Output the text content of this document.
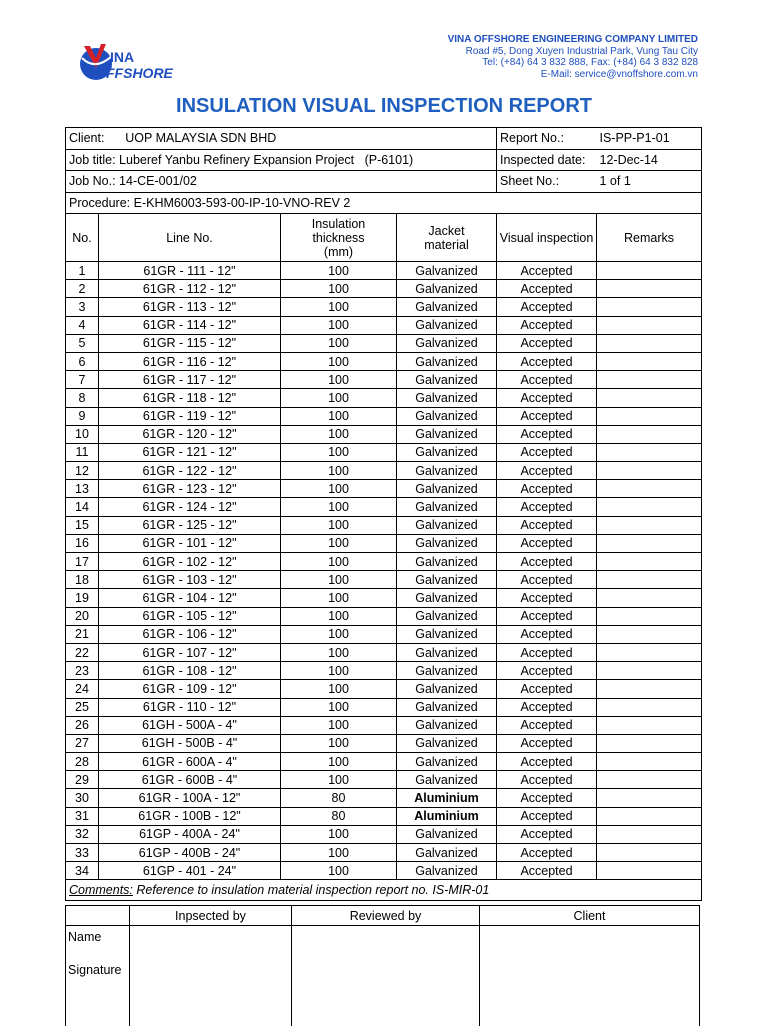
INA
FFSHORE
VINA OFFSHORE ENGINEERING COMPANY LIMITED
Road #5, Dong Xuyen Industrial Park, Vung Tau City
Tel: (+84) 64 3 832 888, Fax: (+84) 64 3 832 828
E-Mail: service@vnoffshore.com.vn
INSULATION VISUAL INSPECTION REPORT
Client: UOP MALAYSIA SDN BHD				Report No.:	IS-PP-P1-01
Job title: Luberef Yanbu Refinery Expansion Project   (P-6101)				Inspected date:	12-Dec-14
Job No.: 14-CE-001/02				Sheet No.:	1 of 1
Procedure: E-KHM6003-593-00-IP-10-VNO-REV 2					
No.	Line No.	Insulation thickness (mm)	Jacket material	Visual inspection	Remarks
1	61GR - 111 - 12"	100	Galvanized	Accepted	
2	61GR - 112 - 12"	100	Galvanized	Accepted	
3	61GR - 113 - 12"	100	Galvanized	Accepted	
4	61GR - 114 - 12"	100	Galvanized	Accepted	
5	61GR - 115 - 12"	100	Galvanized	Accepted	
6	61GR - 116 - 12"	100	Galvanized	Accepted	
7	61GR - 117 - 12"	100	Galvanized	Accepted	
8	61GR - 118 - 12"	100	Galvanized	Accepted	
9	61GR - 119 - 12"	100	Galvanized	Accepted	
10	61GR - 120 - 12"	100	Galvanized	Accepted	
11	61GR - 121 - 12"	100	Galvanized	Accepted	
12	61GR - 122 - 12"	100	Galvanized	Accepted	
13	61GR - 123 - 12"	100	Galvanized	Accepted	
14	61GR - 124 - 12"	100	Galvanized	Accepted	
15	61GR - 125 - 12"	100	Galvanized	Accepted	
16	61GR - 101 - 12"	100	Galvanized	Accepted	
17	61GR - 102 - 12"	100	Galvanized	Accepted	
18	61GR - 103 - 12"	100	Galvanized	Accepted	
19	61GR - 104 - 12"	100	Galvanized	Accepted	
20	61GR - 105 - 12"	100	Galvanized	Accepted	
21	61GR - 106 - 12"	100	Galvanized	Accepted	
22	61GR - 107 - 12"	100	Galvanized	Accepted	
23	61GR - 108 - 12"	100	Galvanized	Accepted	
24	61GR - 109 - 12"	100	Galvanized	Accepted	
25	61GR - 110 - 12"	100	Galvanized	Accepted	
26	61GH - 500A - 4"	100	Galvanized	Accepted	
27	61GH - 500B - 4"	100	Galvanized	Accepted	
28	61GR - 600A - 4"	100	Galvanized	Accepted	
29	61GR - 600B - 4"	100	Galvanized	Accepted	
30	61GR - 100A - 12"	80	Aluminium	Accepted	
31	61GR - 100B - 12"	80	Aluminium	Accepted	
32	61GP - 400A - 24"	100	Galvanized	Accepted	
33	61GP - 400B - 24"	100	Galvanized	Accepted	
34	61GP - 401 - 24"	100	Galvanized	Accepted	
Comments: Reference to insulation material inspection report no. IS-MIR-01					
	Inpsected by	Reviewed by	Client

Name
Signature			
